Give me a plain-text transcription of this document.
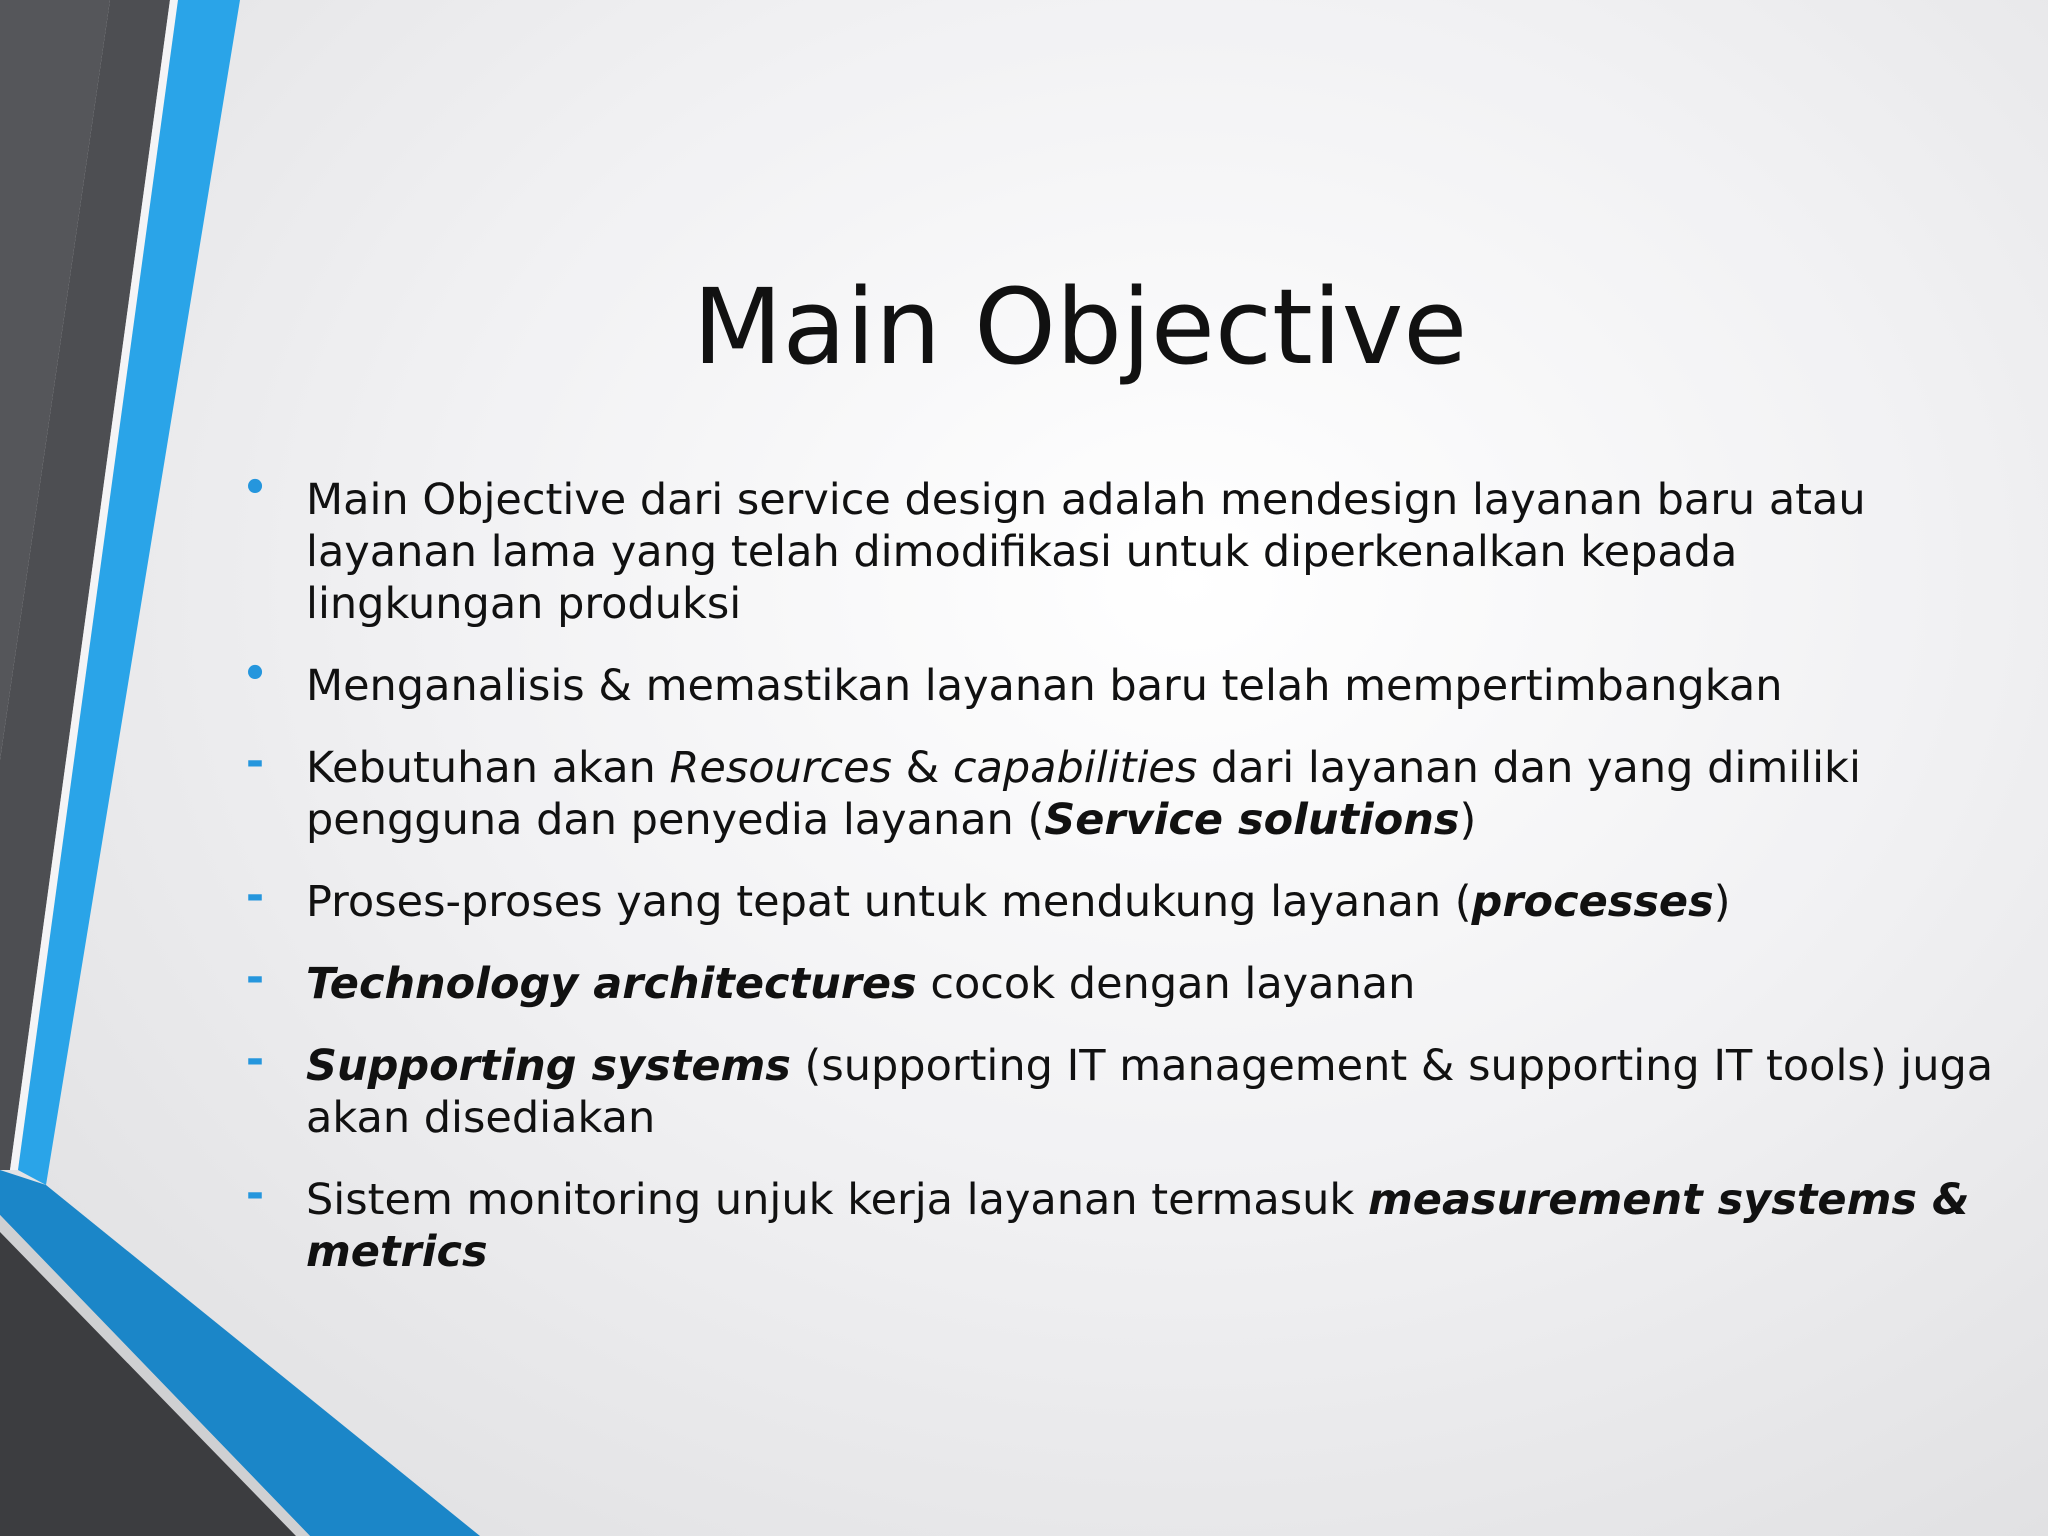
Main Objective
• Main Objective dari service design adalah mendesign layanan baru atau
layanan lama yang telah dimodifikasi untuk diperkenalkan kepada
lingkungan produksi
• Menganalisis & memastikan layanan baru telah mempertimbangkan
- Kebutuhan akan Resources & capabilities dari layanan dan yang dimiliki
pengguna dan penyedia layanan (Service solutions)
- Proses-proses yang tepat untuk mendukung layanan (processes)
- Technology architectures cocok dengan layanan
- Supporting systems (supporting IT management & supporting IT tools) juga
akan disediakan
- Sistem monitoring unjuk kerja layanan termasuk measurement systems &
metrics
